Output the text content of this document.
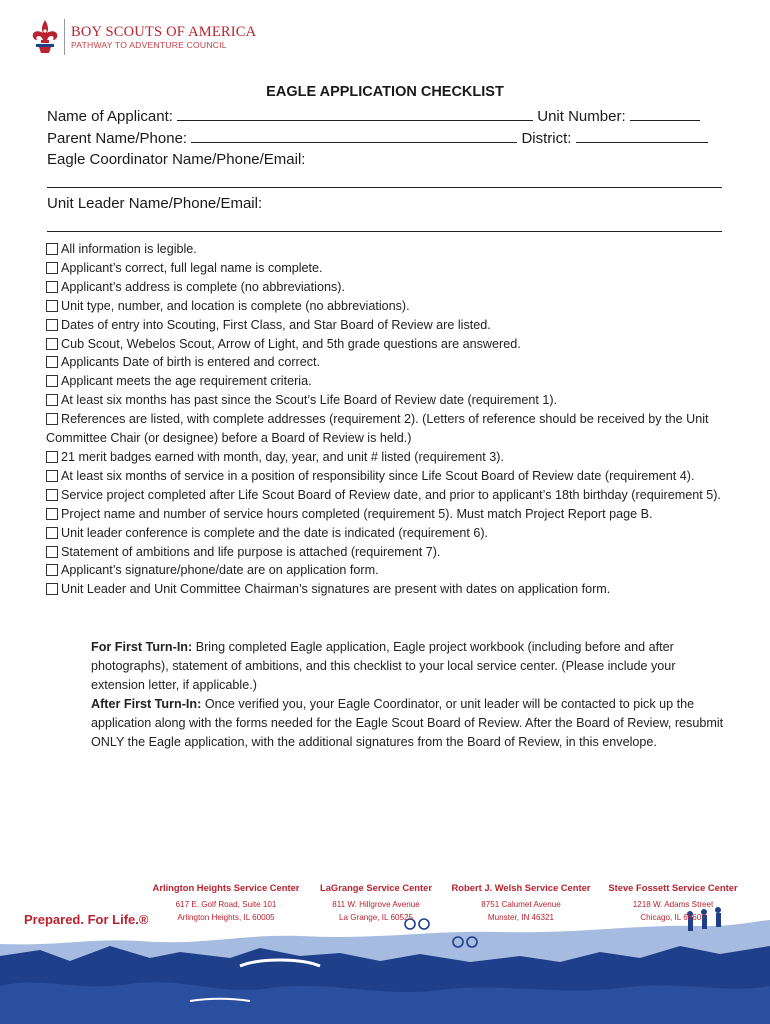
BOY SCOUTS OF AMERICA
PATHWAY TO ADVENTURE COUNCIL
EAGLE APPLICATION CHECKLIST
Name of Applicant:	Unit Number:
Parent Name/Phone:	District:
Eagle Coordinator Name/Phone/Email:
Unit Leader Name/Phone/Email:
All information is legible.
Applicant’s correct, full legal name is complete.
Applicant’s address is complete (no abbreviations).
Unit type, number, and location is complete (no abbreviations).
Dates of entry into Scouting, First Class, and Star Board of Review are listed.
Cub Scout, Webelos Scout, Arrow of Light, and 5th grade questions are answered.
Applicants Date of birth is entered and correct.
Applicant meets the age requirement criteria.
At least six months has past since the Scout’s Life Board of Review date (requirement 1).
References are listed, with complete addresses (requirement 2). (Letters of reference should be received by the Unit Committee Chair (or designee) before a Board of Review is held.)
21 merit badges earned with month, day, year, and unit # listed (requirement 3).
At least six months of service in a position of responsibility since Life Scout Board of Review date (requirement 4).
Service project completed after Life Scout Board of Review date, and prior to applicant’s 18th birthday (requirement 5).
Project name and number of service hours completed (requirement 5). Must match Project Report page B.
Unit leader conference is complete and the date is indicated (requirement 6).
Statement of ambitions and life purpose is attached (requirement 7).
Applicant’s signature/phone/date are on application form.
Unit Leader and Unit Committee Chairman’s signatures are present with dates on application form.
For First Turn-In: Bring completed Eagle application, Eagle project workbook (including before and after photographs), statement of ambitions, and this checklist to your local service center. (Please include your extension letter, if applicable.)
After First Turn-In: Once verified you, your Eagle Coordinator, or unit leader will be contacted to pick up the application along with the forms needed for the Eagle Scout Board of Review. After the Board of Review, resubmit ONLY the Eagle application, with the additional signatures from the Board of Review, in this envelope.
Arlington Heights Service Center
617 E. Golf Road, Suite 101
Arlington Heights, IL 60005
LaGrange Service Center
811 W. Hillgrove Avenue
La Grange, IL 60525
Robert J. Welsh Service Center
8751 Calumet Avenue
Munster, IN 46321
Steve Fossett Service Center
1218 W. Adams Street
Chicago, IL 60607
Prepared. For Life.®
